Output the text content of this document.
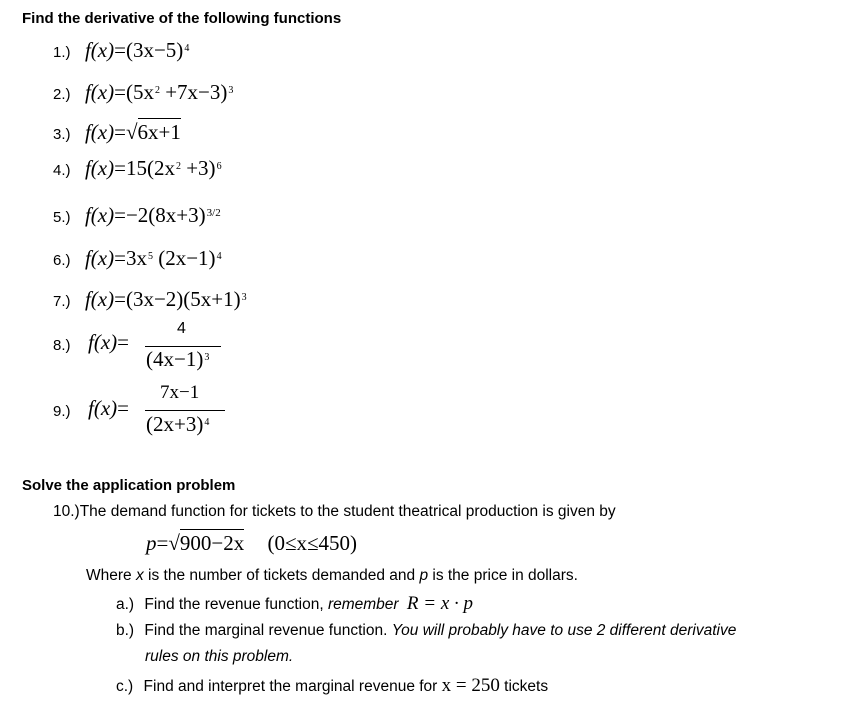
Find the derivative of the following functions
1.) $f(x)=(3x-5)^4$
2.) $f(x)=(5x^2 +7x-3)^3$
3.) f(x)=√6x+1
4.) $f(x)=15(2x^2 +3)^6$
5.) $f(x)=-2(8x+3)^{3/2}$
6.) $f(x)=3x^5$ $(2x-1)^4$
7.) $f(x)=(3x-2)(5x+1)^3$
8.) f(x)=
4
$(4x-1)^3$
9.) f(x)=
7x−1
$(2x+3)^4$
Solve the application problem
10.)The demand function for tickets to the student theatrical production is given by
p=√900−2x (0≤x≤450)
Where x is the number of tickets demanded and p is the price in dollars.
a.) Find the revenue function, remember R = x · p
b.) Find the marginal revenue function. You will probably have to use 2 different derivative
rules on this problem.
c.) Find and interpret the marginal revenue for x = 250 tickets
